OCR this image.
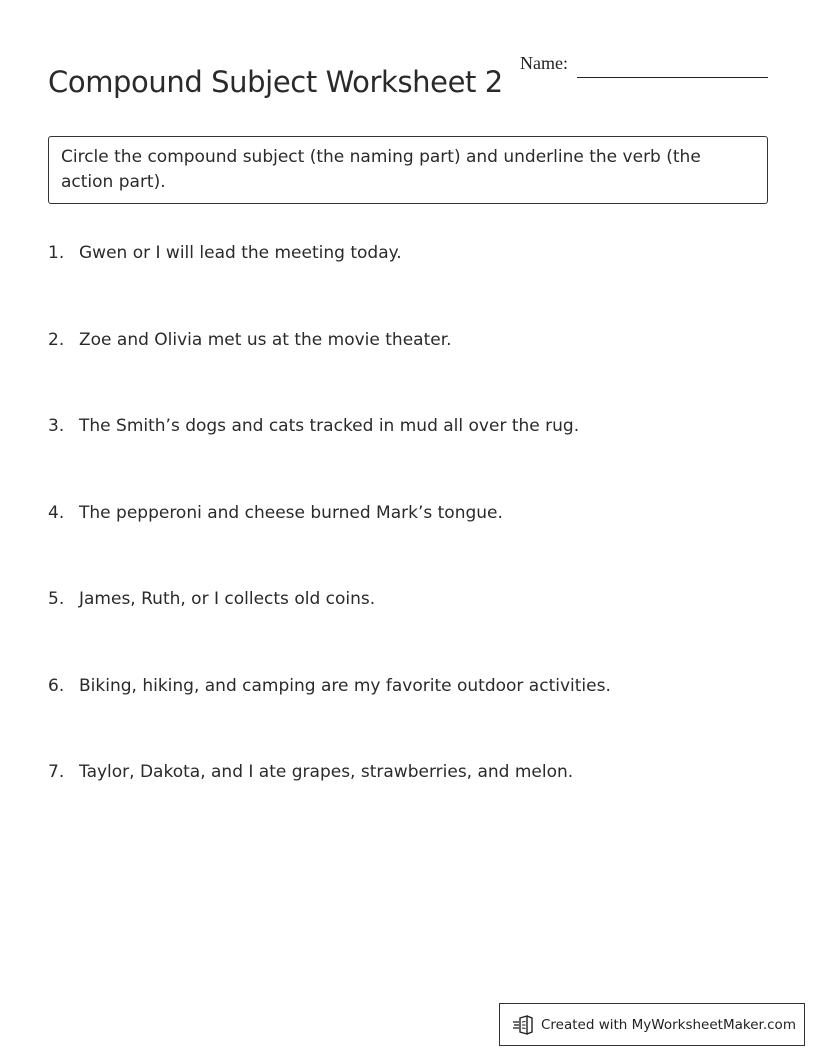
Compound Subject Worksheet 2
Name:
Circle the compound subject (the naming part) and underline the verb (the action part).
1. Gwen or I will lead the meeting today.
2. Zoe and Olivia met us at the movie theater.
3. The Smith’s dogs and cats tracked in mud all over the rug.
4. The pepperoni and cheese burned Mark’s tongue.
5. James, Ruth, or I collects old coins.
6. Biking, hiking, and camping are my favorite outdoor activities.
7. Taylor, Dakota, and I ate grapes, strawberries, and melon.
Created with MyWorksheetMaker.com
